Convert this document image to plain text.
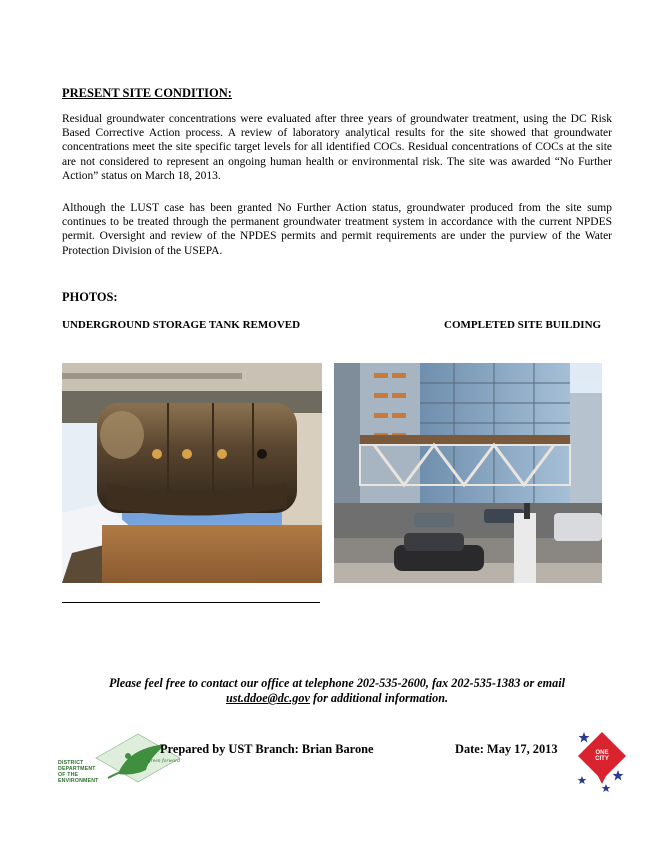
PRESENT SITE CONDITION:
Residual groundwater concentrations were evaluated after three years of groundwater treatment, using the DC Risk Based Corrective Action process. A review of laboratory analytical results for the site showed that groundwater concentrations meet the site specific target levels for all identified COCs. Residual concentrations of COCs at the site are not considered to represent an ongoing human health or environmental risk. The site was awarded “No Further Action” status on March 18, 2013.
Although the LUST case has been granted No Further Action status, groundwater produced from the site sump continues to be treated through the permanent groundwater treatment system in accordance with the current NPDES permit. Oversight and review of the NPDES permits and permit requirements are under the purview of the Water Protection Division of the USEPA.
PHOTOS:
UNDERGROUND STORAGE TANK REMOVED	COMPLETED SITE BUILDING
Please feel free to contact our office at telephone 202-535-2600, fax 202-535-1383 or email
ust.ddoe@dc.gov for additional information.
DISTRICT
DEPARTMENT
OF THE
ENVIRONMENT
green forward
Prepared by UST Branch: Brian Barone	Date: May 17, 2013	ONE CITY
